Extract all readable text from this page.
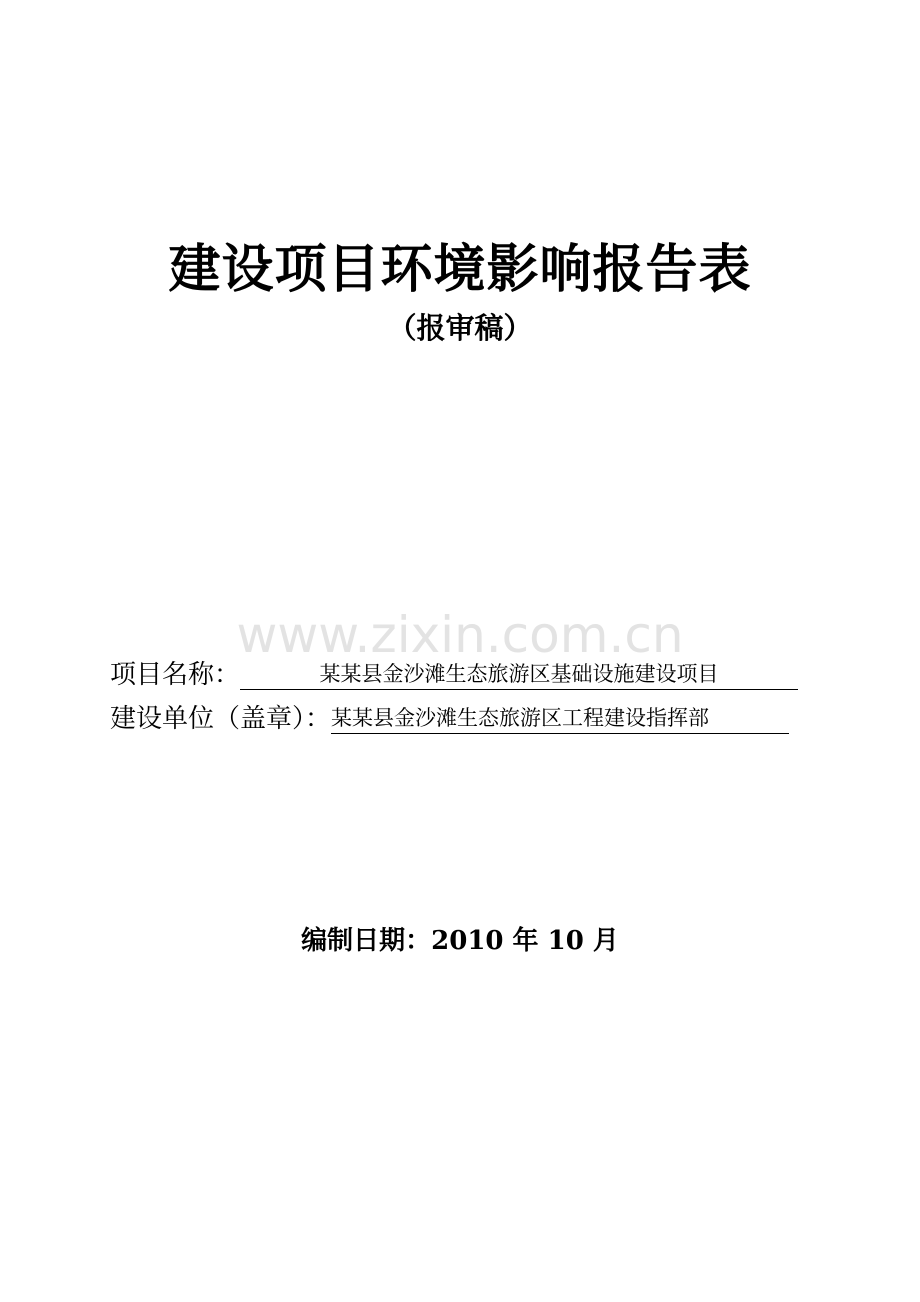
建设项目环境影响报告表
（报审稿）
www.zixin.com.cn
项目名称：	某某县金沙滩生态旅游区基础设施建设项目
建设单位（盖章）： 某某县金沙滩生态旅游区工程建设指挥部
编制日期：2010 年 10 月
